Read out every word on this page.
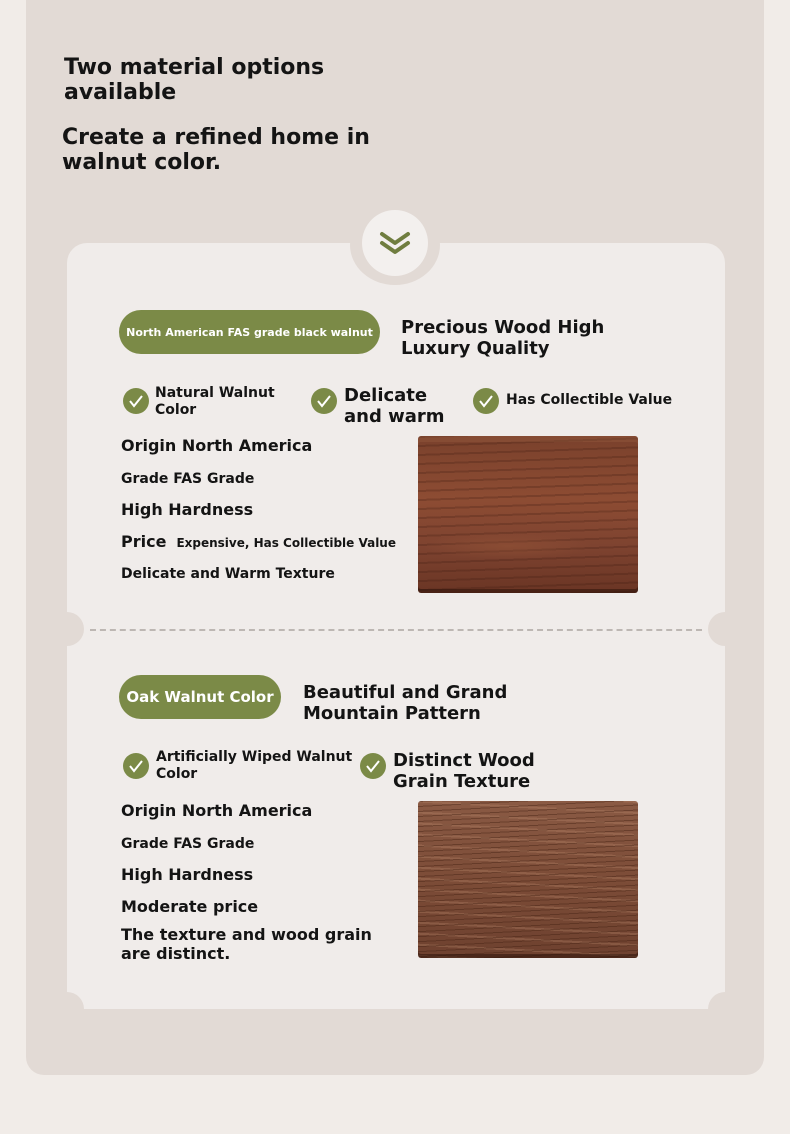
Two material options available
Create a refined home in walnut color.
North American FAS grade black walnut	Precious Wood High Luxury Quality
Natural Walnut Color
Delicate and warm
Has Collectible Value
Origin North America
Grade FAS Grade
High Hardness
Price Expensive, Has Collectible Value
Delicate and Warm Texture
Oak Walnut Color	Beautiful and Grand Mountain Pattern
Artificially Wiped Walnut Color
Distinct Wood Grain Texture
Origin North America
Grade FAS Grade
High Hardness
Moderate price
The texture and wood grain are distinct.
